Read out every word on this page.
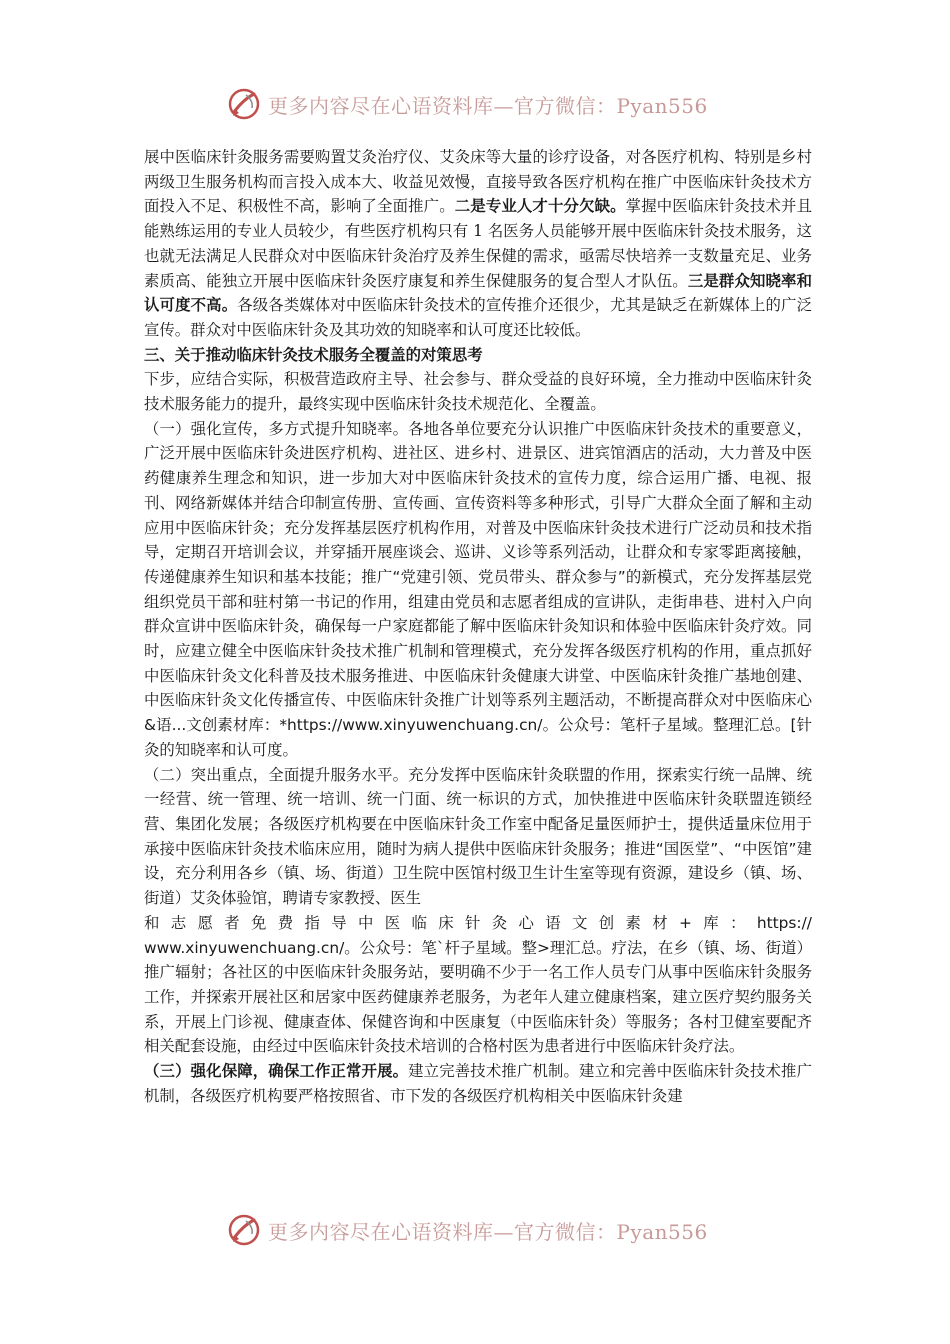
更多内容尽在心语资料库—官方微信：Pyan556

展中医临床针灸服务需要购置艾灸治疗仪、艾灸床等大量的诊疗设备，对各医疗机构、特别是乡村两级卫生服务机构而言投入成本大、收益见效慢，直接导致各医疗机构在推广中医临床针灸技术方面投入不足、积极性不高，影响了全面推广。二是专业人才十分欠缺。掌握中医临床针灸技术并且能熟练运用的专业人员较少，有些医疗机构只有 1 名医务人员能够开展中医临床针灸技术服务，这也就无法满足人民群众对中医临床针灸治疗及养生保健的需求，亟需尽快培养一支数量充足、业务素质高、能独立开展中医临床针灸医疗康复和养生保健服务的复合型人才队伍。三是群众知晓率和认可度不高。各级各类媒体对中医临床针灸技术的宣传推介还很少，尤其是缺乏在新媒体上的广泛宣传。群众对中医临床针灸及其功效的知晓率和认可度还比较低。

三、关于推动临床针灸技术服务全覆盖的对策思考

下步，应结合实际，积极营造政府主导、社会参与、群众受益的良好环境，全力推动中医临床针灸技术服务能力的提升，最终实现中医临床针灸技术规范化、全覆盖。

（一）强化宣传，多方式提升知晓率。各地各单位要充分认识推广中医临床针灸技术的重要意义，广泛开展中医临床针灸进医疗机构、进社区、进乡村、进景区、进宾馆酒店的活动，大力普及中医药健康养生理念和知识，进一步加大对中医临床针灸技术的宣传力度，综合运用广播、电视、报刊、网络新媒体并结合印制宣传册、宣传画、宣传资料等多种形式，引导广大群众全面了解和主动应用中医临床针灸；充分发挥基层医疗机构作用，对普及中医临床针灸技术进行广泛动员和技术指导，定期召开培训会议，并穿插开展座谈会、巡讲、义诊等系列活动，让群众和专家零距离接触，传递健康养生知识和基本技能；推广“党建引领、党员带头、群众参与”的新模式，充分发挥基层党组织党员干部和驻村第一书记的作用，组建由党员和志愿者组成的宣讲队，走街串巷、进村入户向群众宣讲中医临床针灸，确保每一户家庭都能了解中医临床针灸知识和体验中医临床针灸疗效。同时，应建立健全中医临床针灸技术推广机制和管理模式，充分发挥各级医疗机构的作用，重点抓好中医临床针灸文化科普及技术服务推进、中医临床针灸健康大讲堂、中医临床针灸推广基地创建、中医临床针灸文化传播宣传、中医临床针灸推广计划等系列主题活动，不断提高群众对中医临床心&语...文创素材库：*https://www.xinyuwenchuang.cn/。公众号：笔杆子星域。整理汇总。[针灸的知晓率和认可度。

（二）突出重点，全面提升服务水平。充分发挥中医临床针灸联盟的作用，探索实行统一品牌、统一经营、统一管理、统一培训、统一门面、统一标识的方式，加快推进中医临床针灸联盟连锁经营、集团化发展；各级医疗机构要在中医临床针灸工作室中配备足量医师护士，提供适量床位用于承接中医临床针灸技术临床应用，随时为病人提供中医临床针灸服务；推进“国医堂”、“中医馆”建设，充分利用各乡（镇、场、街道）卫生院中医馆村级卫生计生室等现有资源，建设乡（镇、场、街道）艾灸体验馆，聘请专家教授、医生

和志愿者免费指导中医临床针灸心语文创素材+库：https://

www.xinyuwenchuang.cn/。公众号：笔`杆子星域。整>理汇总。疗法，在乡（镇、场、街道）推广辐射；各社区的中医临床针灸服务站，要明确不少于一名工作人员专门从事中医临床针灸服务工作，并探索开展社区和居家中医药健康养老服务，为老年人建立健康档案，建立医疗契约服务关系，开展上门诊视、健康查体、保健咨询和中医康复（中医临床针灸）等服务；各村卫健室要配齐相关配套设施，由经过中医临床针灸技术培训的合格村医为患者进行中医临床针灸疗法。

（三）强化保障，确保工作正常开展。建立完善技术推广机制。建立和完善中医临床针灸技术推广机制，各级医疗机构要严格按照省、市下发的各级医疗机构相关中医临床针灸建

更多内容尽在心语资料库—官方微信：Pyan556
